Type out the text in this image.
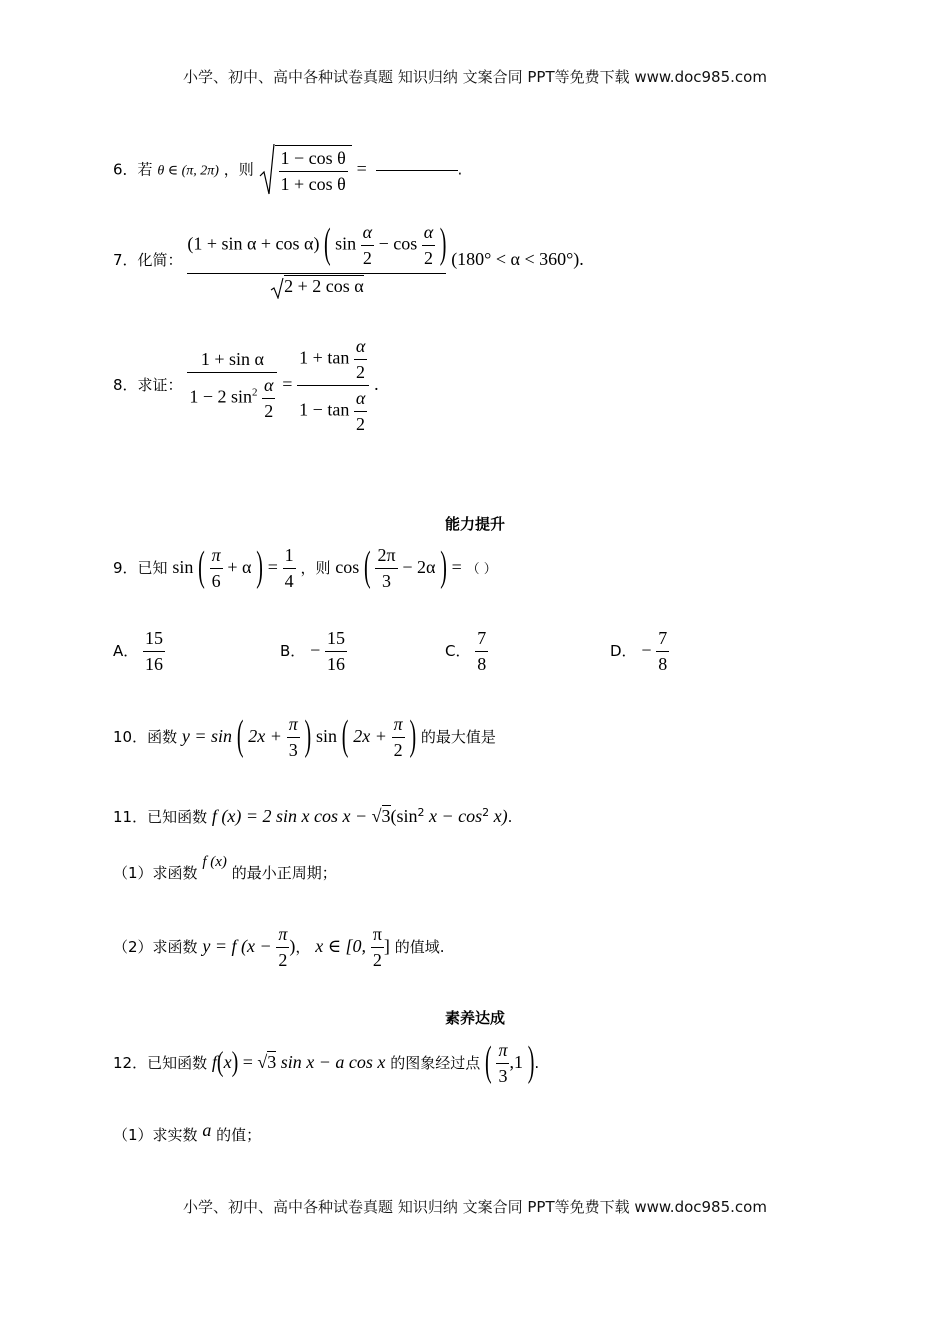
小学、初中、高中各种试卷真题 知识归纳 文案合同 PPT等免费下载 www.doc985.com
6．若 θ ∈ (π, 2π) ，则 $\frac{\text{1 − cos θ}}{\text{1 + cos θ}}$ =	.
7．化简：
(1 + sin α + cos α) ( $\sin \frac{\alpha}{2} - \cos \frac{\alpha}{2}$ )
2 + 2 cos α
(180° < α < 360°).
8．求证： $\frac{\text{1 + sin α}}{1 - 2 \sin^2 \frac{\alpha}{2}} = \frac{1 + \tan \frac{\alpha}{2}}{1 - \tan \frac{\alpha}{2}}$ .
能力提升
9．已知 sin ( $\frac{\pi}{6} + \alpha$ ) = $\frac{1}{4}$ ，则 cos ( $\frac{2\pi}{3} - 2\alpha$ ) = （ ）
A． $\frac{15}{16}$	B． − $\frac{15}{16}$	C． $\frac{7}{8}$	D． − $\frac{7}{8}$
10．函数 y = sin ( $2x + \frac{\pi}{3}$ ) sin ( $2x + \frac{\pi}{2}$ ) 的最大值是
11．已知函数 f (x) = 2 sin x $\cos x - √3(\sin^2$ $x - \cos^2 x$).
（1）求函数 f (x) 的最小正周期；
（2）求函数 y = f ($x - \frac{\pi}{2}$ )， x ∈ [0, $\frac{\pi}{2}$ ] 的值域.
素养达成
12．已知函数 f(x) = √3 sin x − a cos x 的图象经过点 ( $\frac{\pi}{3} ,1$ ).
（1）求实数 a 的值；
小学、初中、高中各种试卷真题 知识归纳 文案合同 PPT等免费下载 www.doc985.com
